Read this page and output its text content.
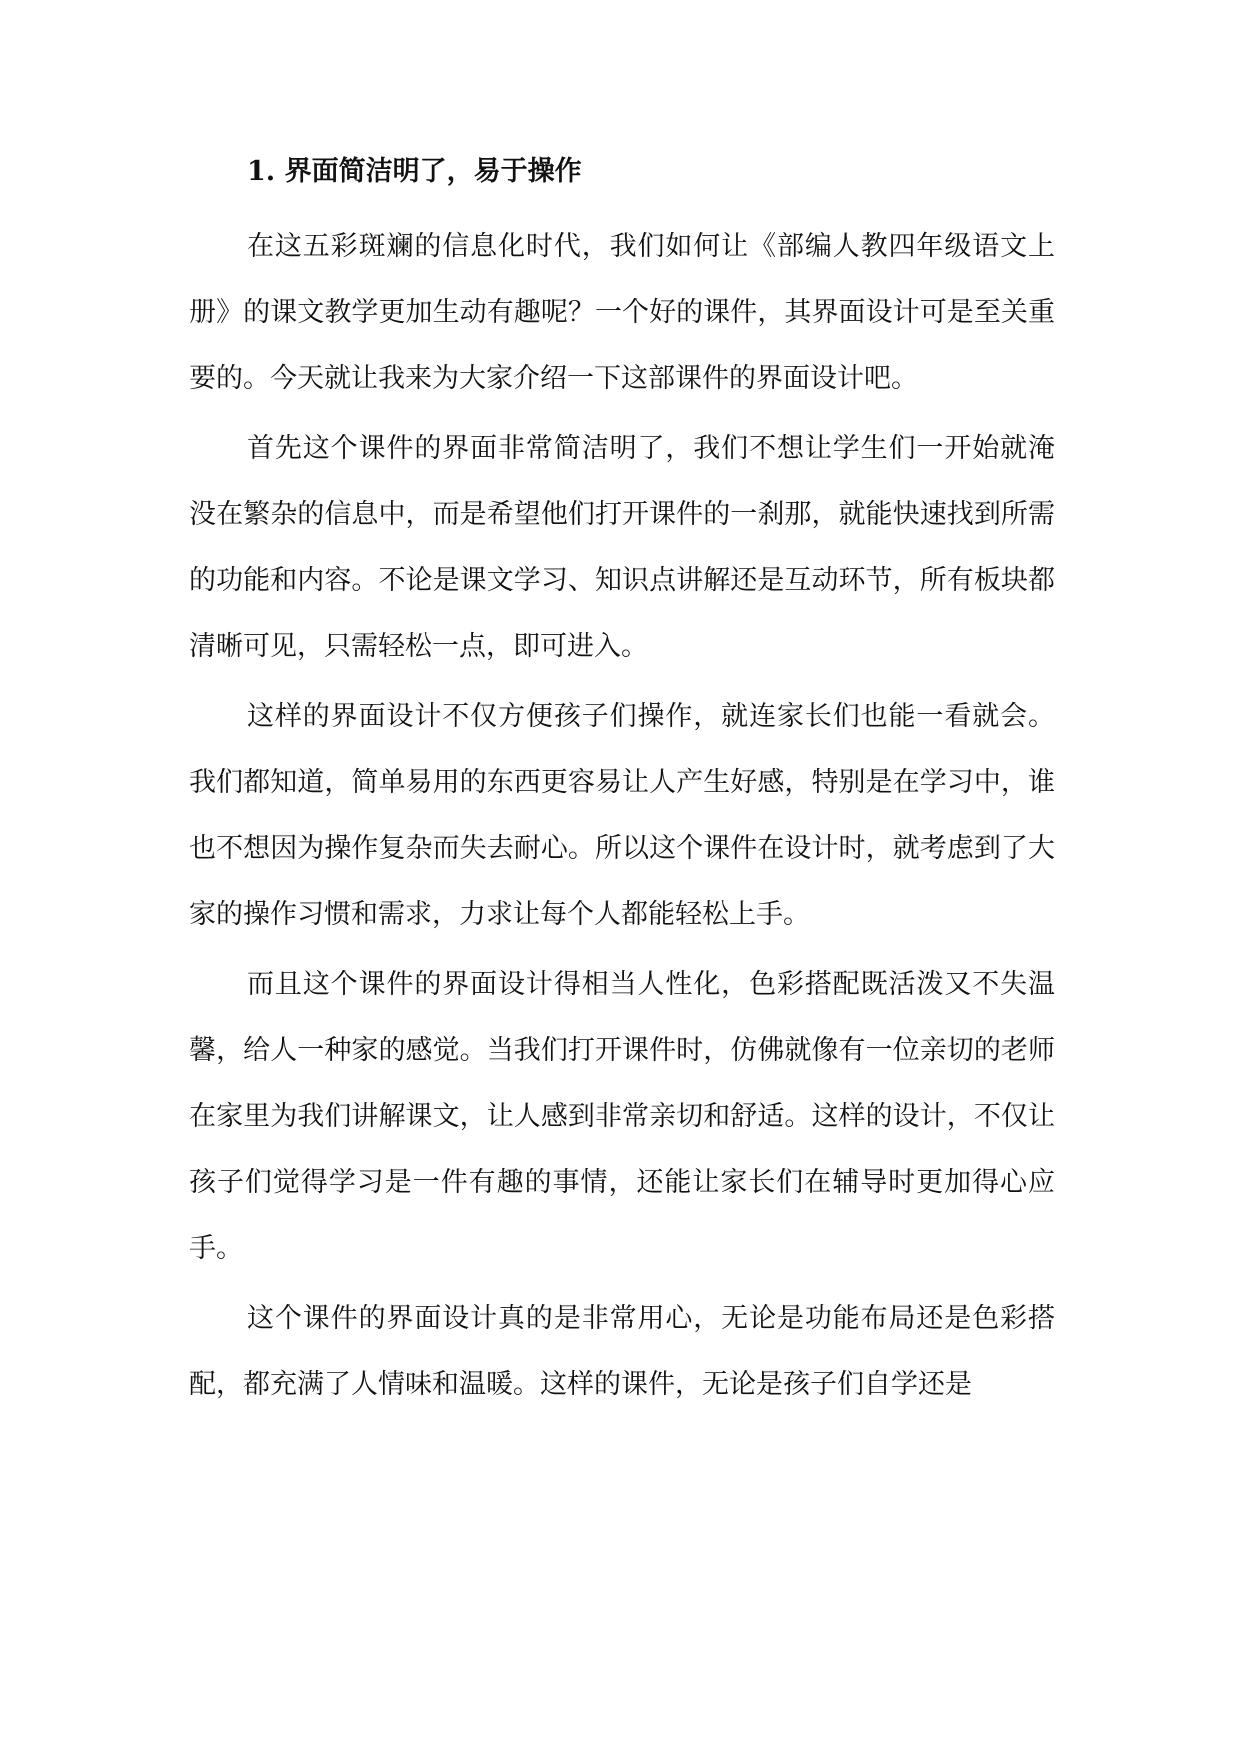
1. 界面简洁明了，易于操作

在这五彩斑斓的信息化时代，我们如何让《部编人教四年级语文上册》的课文教学更加生动有趣呢？一个好的课件，其界面设计可是至关重要的。今天就让我来为大家介绍一下这部课件的界面设计吧。

首先这个课件的界面非常简洁明了，我们不想让学生们一开始就淹没在繁杂的信息中，而是希望他们打开课件的一刹那，就能快速找到所需的功能和内容。不论是课文学习、知识点讲解还是互动环节，所有板块都清晰可见，只需轻松一点，即可进入。

这样的界面设计不仅方便孩子们操作，就连家长们也能一看就会。我们都知道，简单易用的东西更容易让人产生好感，特别是在学习中，谁也不想因为操作复杂而失去耐心。所以这个课件在设计时，就考虑到了大家的操作习惯和需求，力求让每个人都能轻松上手。

而且这个课件的界面设计得相当人性化，色彩搭配既活泼又不失温馨，给人一种家的感觉。当我们打开课件时，仿佛就像有一位亲切的老师在家里为我们讲解课文，让人感到非常亲切和舒适。这样的设计，不仅让孩子们觉得学习是一件有趣的事情，还能让家长们在辅导时更加得心应手。

这个课件的界面设计真的是非常用心，无论是功能布局还是色彩搭配，都充满了人情味和温暖。这样的课件，无论是孩子们自学还是
